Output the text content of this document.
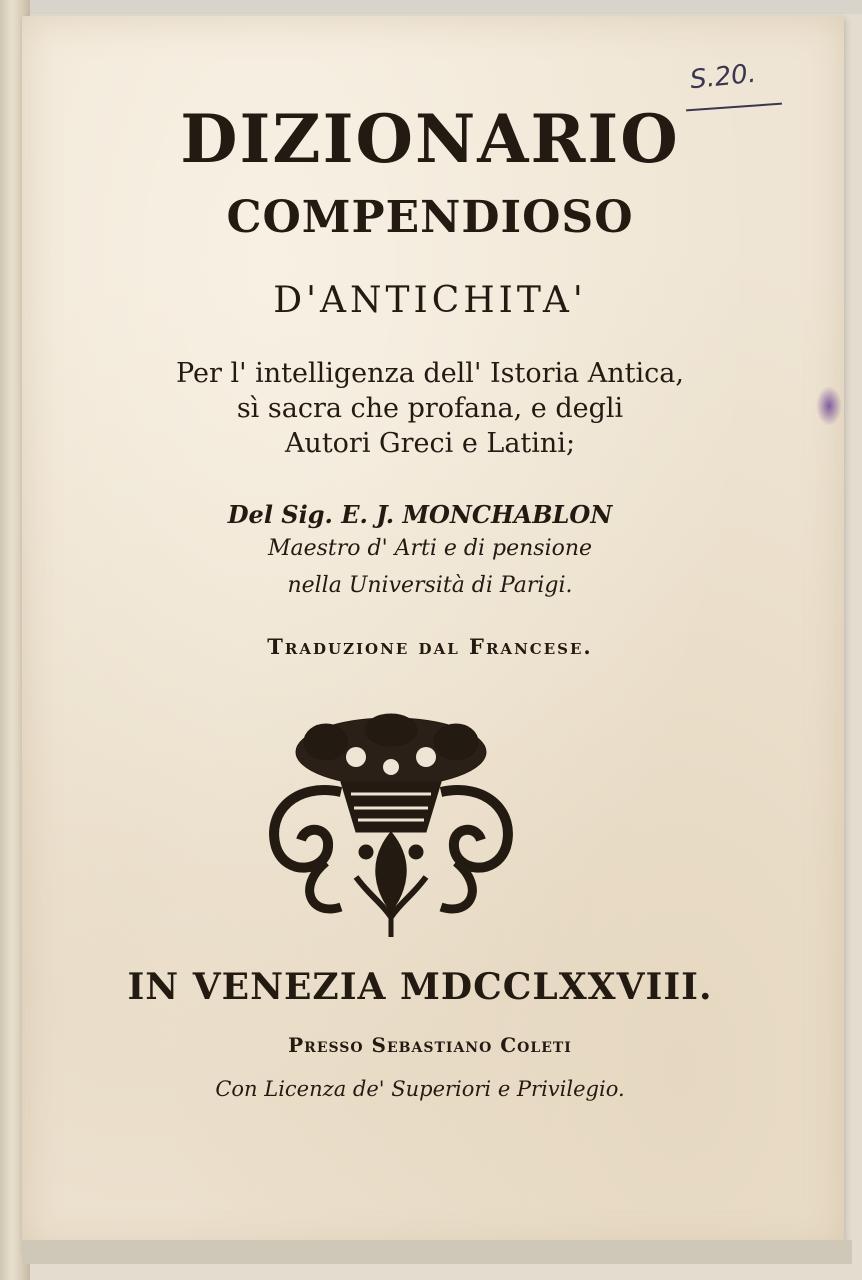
S.20.
DIZIONARIO
COMPENDIOSO
D'ANTICHITA'
Per l' intelligenza dell' Istoria Antica,
sì sacra che profana, e degli
Autori Greci e Latini;
Del Sig. E. J. MONCHABLON
Maestro d' Arti e di pensione
nella Università di Parigi.
Traduzione dal Francese.
IN VENEZIA MDCCLXXVIII.
Presso Sebastiano Coleti
Con Licenza de' Superiori e Privilegio.
